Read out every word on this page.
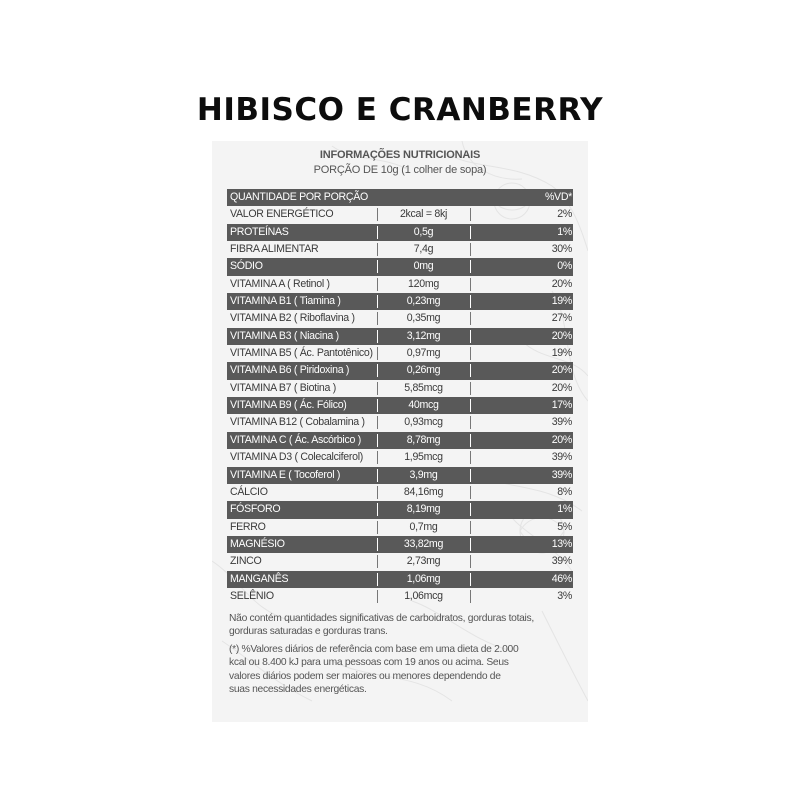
HIBISCO E CRANBERRY
INFORMAÇÕES NUTRICIONAIS
PORÇÃO DE 10g (1 colher de sopa)
QUANTIDADE POR PORÇÃO	%VD*
VALOR ENERGÉTICO	2kcal = 8kj	2%
PROTEÍNAS	0,5g	1%
FIBRA ALIMENTAR	7,4g	30%
SÓDIO	0mg	0%
VITAMINA A ( Retinol )	120mg	20%
VITAMINA B1 ( Tiamina )	0,23mg	19%
VITAMINA B2 ( Riboflavina )	0,35mg	27%
VITAMINA B3 ( Niacina )	3,12mg	20%
VITAMINA B5 ( Ác. Pantotênico)	0,97mg	19%
VITAMINA B6 ( Piridoxina )	0,26mg	20%
VITAMINA B7 ( Biotina )	5,85mcg	20%
VITAMINA B9 ( Ác. Fólico)	40mcg	17%
VITAMINA B12 ( Cobalamina )	0,93mcg	39%
VITAMINA C ( Ác. Ascórbico )	8,78mg	20%
VITAMINA D3 ( Colecalciferol)	1,95mcg	39%
VITAMINA E ( Tocoferol )	3,9mg	39%
CÁLCIO	84,16mg	8%
FÓSFORO	8,19mg	1%
FERRO	0,7mg	5%
MAGNÉSIO	33,82mg	13%
ZINCO	2,73mg	39%
MANGANÊS	1,06mg	46%
SELÊNIO	1,06mcg	3%
Não contém quantidades significativas de carboidratos, gorduras totais,
gorduras saturadas e gorduras trans.
(*) %Valores diários de referência com base em uma dieta de 2.000
kcal ou 8.400 kJ para uma pessoas com 19 anos ou acima. Seus
valores diários podem ser maiores ou menores dependendo de
suas necessidades energéticas.
